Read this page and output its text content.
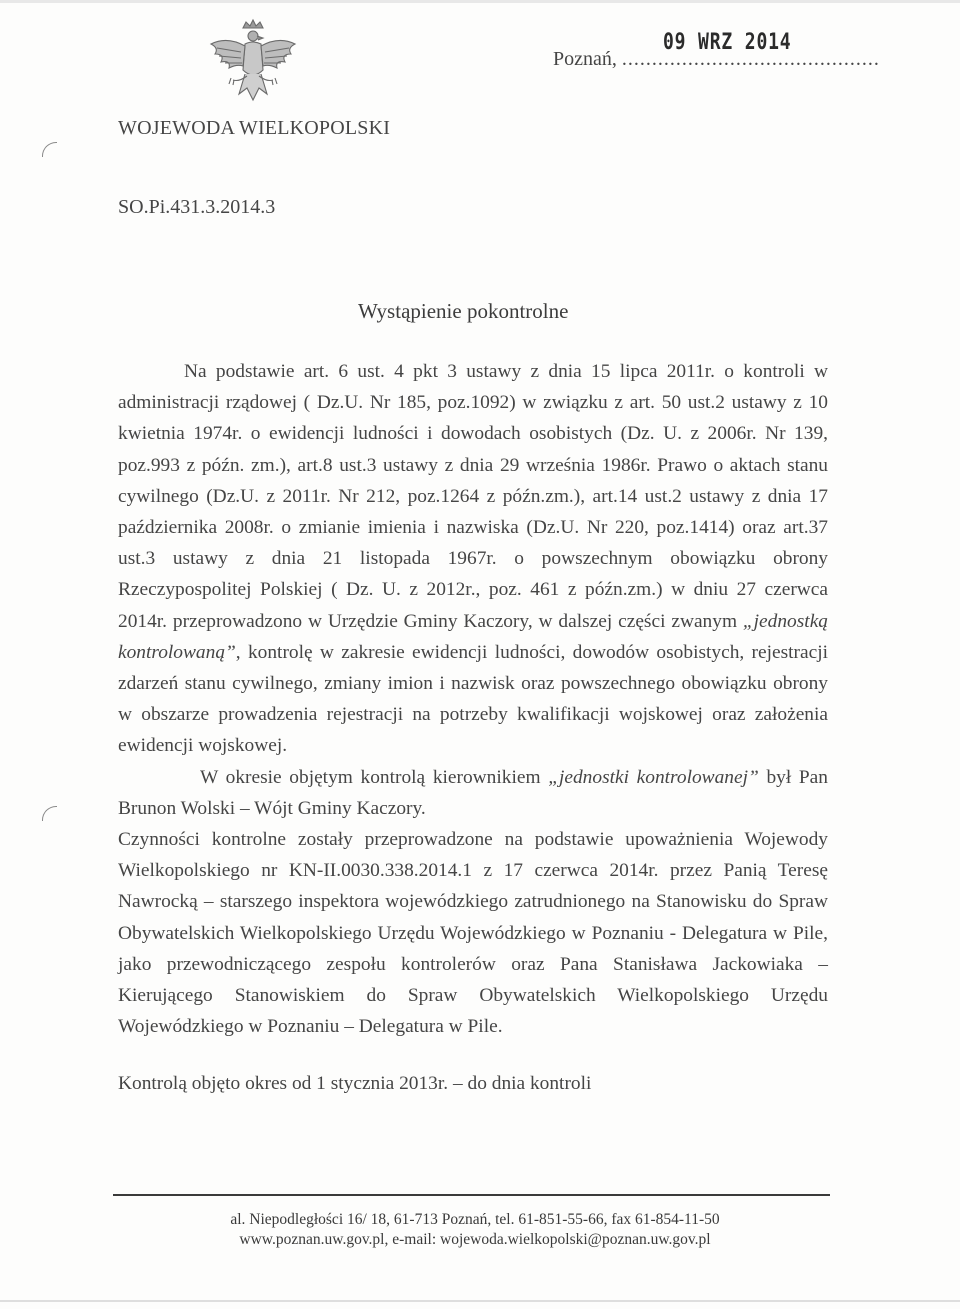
Poznań, ...........................................
09 WRZ 2014
WOJEWODA WIELKOPOLSKI
SO.Pi.431.3.2014.3
Wystąpienie pokontrolne

Na podstawie art. 6 ust. 4 pkt 3 ustawy z dnia 15 lipca 2011r. o kontroli w administracji rządowej ( Dz.U. Nr 185, poz.1092) w związku z art. 50 ust.2 ustawy z 10 kwietnia 1974r. o ewidencji ludności i dowodach osobistych (Dz. U. z 2006r. Nr 139, poz.993 z późn. zm.), art.8 ust.3 ustawy z dnia 29 września 1986r. Prawo o aktach stanu cywilnego (Dz.U. z 2011r. Nr 212, poz.1264 z późn.zm.), art.14 ust.2 ustawy z dnia 17 października 2008r. o zmianie imienia i nazwiska (Dz.U. Nr 220, poz.1414) oraz art.37 ust.3 ustawy z dnia 21 listopada 1967r. o powszechnym obowiązku obrony Rzeczypospolitej Polskiej ( Dz. U. z 2012r., poz. 461 z późn.zm.) w dniu 27 czerwca 2014r. przeprowadzono w Urzędzie Gminy Kaczory, w dalszej części zwanym „jednostką kontrolowaną”, kontrolę w zakresie ewidencji ludności, dowodów osobistych, rejestracji zdarzeń stanu cywilnego, zmiany imion i nazwisk oraz powszechnego obowiązku obrony w obszarze prowadzenia rejestracji na potrzeby kwalifikacji wojskowej oraz założenia ewidencji wojskowej.

W okresie objętym kontrolą kierownikiem „jednostki kontrolowanej” był Pan Brunon Wolski – Wójt Gminy Kaczory.

Czynności kontrolne zostały przeprowadzone na podstawie upoważnienia Wojewody Wielkopolskiego nr KN-II.0030.338.2014.1 z 17 czerwca 2014r. przez Panią Teresę Nawrocką – starszego inspektora wojewódzkiego zatrudnionego na Stanowisku do Spraw Obywatelskich Wielkopolskiego Urzędu Wojewódzkiego w Poznaniu - Delegatura w Pile, jako przewodniczącego zespołu kontrolerów oraz Pana Stanisława Jackowiaka – Kierującego Stanowiskiem do Spraw Obywatelskich Wielkopolskiego Urzędu Wojewódzkiego w Poznaniu – Delegatura w Pile.

Kontrolą objęto okres od 1 stycznia 2013r. – do dnia kontroli

al. Niepodległości 16/ 18, 61-713 Poznań, tel. 61-851-55-66, fax 61-854-11-50
www.poznan.uw.gov.pl, e-mail: wojewoda.wielkopolski@poznan.uw.gov.pl
